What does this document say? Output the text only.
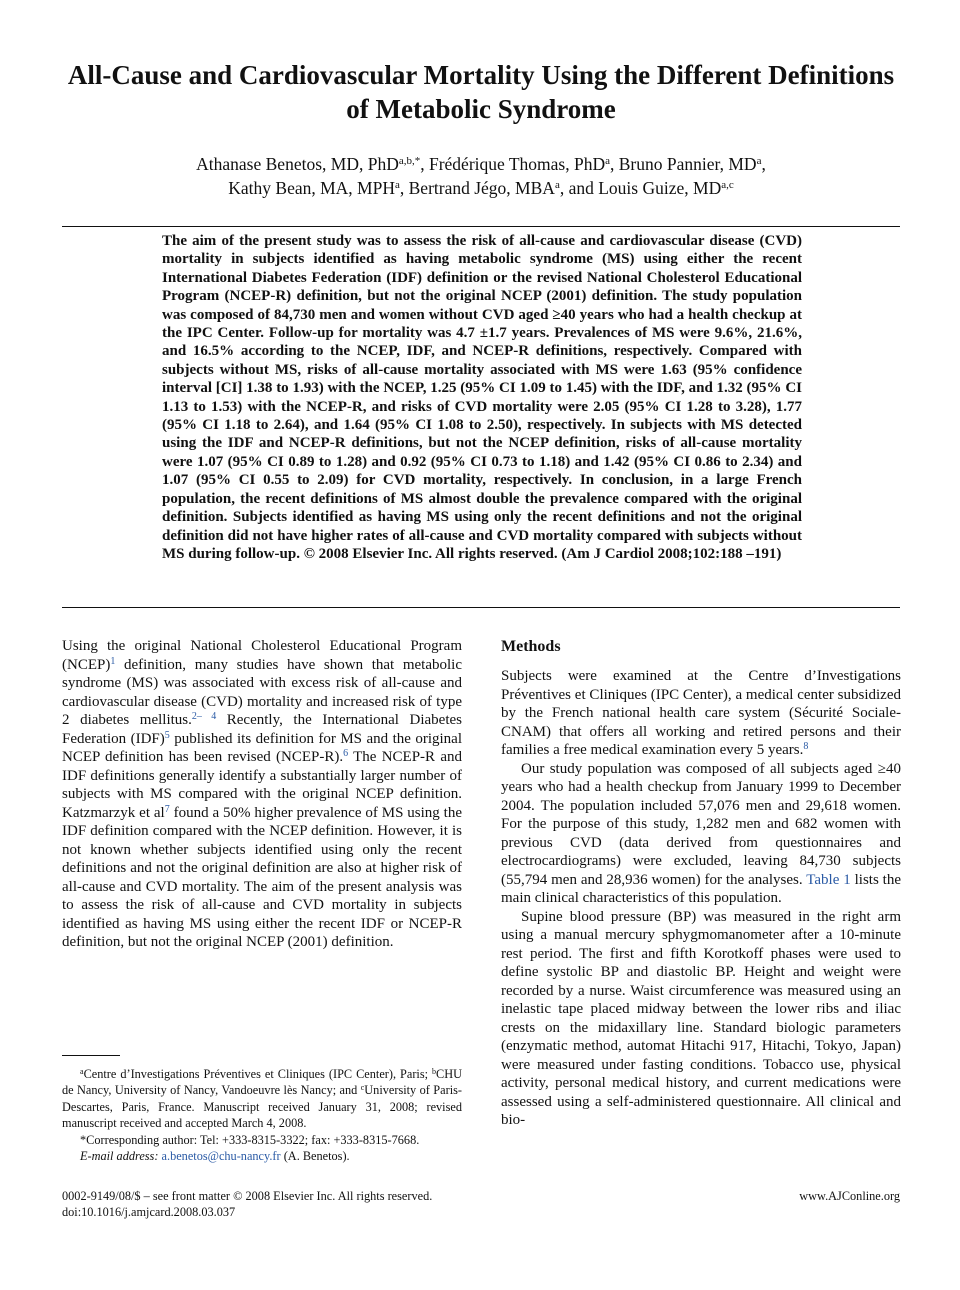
All-Cause and Cardiovascular Mortality Using the Different Definitions of Metabolic Syndrome
Athanase Benetos, MD, PhD$^{a,b,*}$, Frédérique Thomas, PhD$^a$, Bruno Pannier, $MD^a$,
Kathy Bean, MA, MPH$^a$, Bertrand Jégo, MBA$^a$, and Louis Guize, MD$^{a,c}$
The aim of the present study was to assess the risk of all-cause and cardiovascular disease (CVD) mortality in subjects identified as having metabolic syndrome (MS) using either the recent International Diabetes Federation (IDF) definition or the revised National Cholesterol Educational Program (NCEP-R) definition, but not the original NCEP (2001) definition. The study population was composed of 84,730 men and women without CVD aged ≥40 years who had a health checkup at the IPC Center. Follow-up for mortality was 4.7 ±1.7 years. Prevalences of MS were 9.6%, 21.6%, and 16.5% according to the NCEP, IDF, and NCEP-R definitions, respectively. Compared with subjects without MS, risks of all-cause mortality associated with MS were 1.63 (95% confidence interval [CI] 1.38 to 1.93) with the NCEP, 1.25 (95% CI 1.09 to 1.45) with the IDF, and 1.32 (95% CI 1.13 to 1.53) with the NCEP-R, and risks of CVD mortality were 2.05 (95% CI 1.28 to 3.28), 1.77 (95% CI 1.18 to 2.64), and 1.64 (95% CI 1.08 to 2.50), respectively. In subjects with MS detected using the IDF and NCEP-R definitions, but not the NCEP definition, risks of all-cause mortality were 1.07 (95% CI 0.89 to 1.28) and 0.92 (95% CI 0.73 to 1.18) and 1.42 (95% CI 0.86 to 2.34) and 1.07 (95% CI 0.55 to 2.09) for CVD mortality, respectively. In conclusion, in a large French population, the recent definitions of MS almost double the prevalence compared with the original definition. Subjects identified as having MS using only the recent definitions and not the original definition did not have higher rates of all-cause and CVD mortality compared with subjects without MS during follow-up. © 2008 Elsevier Inc. All rights reserved. (Am J Cardiol 2008;102:188 –191)

Using the original National Cholesterol Educational Program (NCEP)$^1$ definition, many studies have shown that metabolic syndrome (MS) was associated with excess risk of all-cause and cardiovascular disease (CVD) mortality and increased risk of type 2 diabetes mellitus.$^{2- 4}$ Recently, the International Diabetes Federation (IDF)$^5$ published its definition for MS and the original NCEP definition has been revised (NCEP-R).$^6$ The NCEP-R and IDF definitions generally identify a substantially larger number of subjects with MS compared with the original NCEP definition. Katzmarzyk et $al^7$ found a 50% higher prevalence of MS using the IDF definition compared with the NCEP definition. However, it is not known whether subjects identified using only the recent definitions and not the original definition are also at higher risk of all-cause and CVD mortality. The aim of the present analysis was to assess the risk of all-cause and CVD mortality in subjects identified as having MS using either the recent IDF or NCEP-R definition, but not the original NCEP (2001) definition.

Methods

Subjects were examined at the Centre d’Investigations Préventives et Cliniques (IPC Center), a medical center subsidized by the French national health care system (Sécurité Sociale-CNAM) that offers all working and retired persons and their families a free medical examination every 5 years.$^8$

Our study population was composed of all subjects aged ≥40 years who had a health checkup from January 1999 to December 2004. The population included 57,076 men and 29,618 women. For the purpose of this study, 1,282 men and 682 women with previous CVD (data derived from questionnaires and electrocardiograms) were excluded, leaving 84,730 subjects (55,794 men and 28,936 women) for the analyses. Table 1 lists the main clinical characteristics of this population.

Supine blood pressure (BP) was measured in the right arm using a manual mercury sphygmomanometer after a 10-minute rest period. The first and fifth Korotkoff phases were used to define systolic BP and diastolic BP. Height and weight were recorded by a nurse. Waist circumference was measured using an inelastic tape placed midway between the lower ribs and iliac crests on the midaxillary line. Standard biologic parameters (enzymatic method, automat Hitachi 917, Hitachi, Tokyo, Japan) were measured under fasting conditions. Tobacco use, physical activity, personal medical history, and current medications were assessed using a self-administered questionnaire. All clinical and bio-

$^a$Centre d’Investigations Préventives et Cliniques (IPC Center), Paris; $^b$CHU de Nancy, University of Nancy, Vandoeuvre lès Nancy; and $^c$University of Paris-Descartes, Paris, France. Manuscript received January 31, 2008; revised manuscript received and accepted March 4, 2008.

*Corresponding author: Tel: +333-8315-3322; fax: +333-8315-7668.

E-mail address: a.benetos@chu-nancy.fr (A. Benetos).

0002-9149/08/$ – see front matter © 2008 Elsevier Inc. All rights reserved.
doi:10.1016/j.amjcard.2008.03.037
www.AJConline.org
